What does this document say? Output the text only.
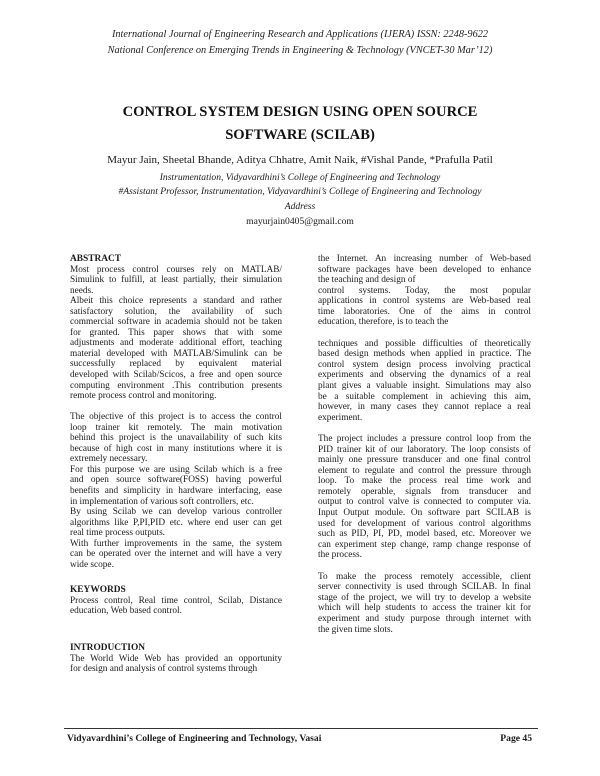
International Journal of Engineering Research and Applications (IJERA) ISSN: 2248-9622
National Conference on Emerging Trends in Engineering & Technology (VNCET-30 Mar’12)
CONTROL SYSTEM DESIGN USING OPEN SOURCE
SOFTWARE (SCILAB)
Mayur Jain, Sheetal Bhande, Aditya Chhatre, Amit Naik, #Vishal Pande, *Prafulla Patil
Instrumentation, Vidyavardhini’s College of Engineering and Technology
#Assistant Professor, Instrumentation, Vidyavardhini’s College of Engineering and Technology
Address
mayurjain0405@gmail.com

ABSTRACT

Most process control courses rely on MATLAB/

Simulink to fulfill, at least partially, their simulation

needs.

Albeit this choice represents a standard and rather

satisfactory solution, the availability of such

commercial software in academia should not be taken

for granted. This paper shows that with some

adjustments and moderate additional effort, teaching

material developed with MATLAB/Simulink can be

successfully replaced by equivalent material

developed with Scilab/Scicos, a free and open source

computing environment .This contribution presents

remote process control and monitoring.

The objective of this project is to access the control

loop trainer kit remotely. The main motivation

behind this project is the unavailability of such kits

because of high cost in many institutions where it is

extremely necessary.

For this purpose we are using Scilab which is a free

and open source software(FOSS) having powerful

benefits and simplicity in hardware interfacing, ease

in implementation of various soft controllers, etc.

By using Scilab we can develop various controller

algorithms like P,PI,PID etc. where end user can get

real time process outputs.

With further improvements in the same, the system

can be operated over the internet and will have a very

wide scope.

KEYWORDS

Process control, Real time control, Scilab, Distance

education, Web based control.

INTRODUCTION

The World Wide Web has provided an opportunity

for design and analysis of control systems through

the Internet. An increasing number of Web-based

software packages have been developed to enhance

the teaching and design of

control systems. Today, the most popular

applications in control systems are Web-based real

time laboratories. One of the aims in control

education, therefore, is to teach the

techniques and possible difficulties of theoretically

based design methods when applied in practice. The

control system design process involving practical

experiments and observing the dynamics of a real

plant gives a valuable insight. Simulations may also

be a suitable complement in achieving this aim,

however, in many cases they cannot replace a real

experiment.

The project includes a pressure control loop from the

PID trainer kit of our laboratory. The loop consists of

mainly one pressure transducer and one final control

element to regulate and control the pressure through

loop. To make the process real time work and

remotely operable, signals from transducer and

output to control valve is connected to computer via.

Input Output module. On software part SCILAB is

used for development of various control algorithms

such as PID, PI, PD, model based, etc. Moreover we

can experiment step change, ramp change response of

the process.

To make the process remotely accessible, client

server connectivity is used through SCILAB. In final

stage of the project, we will try to develop a website

which will help students to access the trainer kit for

experiment and study purpose through internet with

the given time slots.

Vidyavardhini’s College of Engineering and Technology, Vasai	Page 45
